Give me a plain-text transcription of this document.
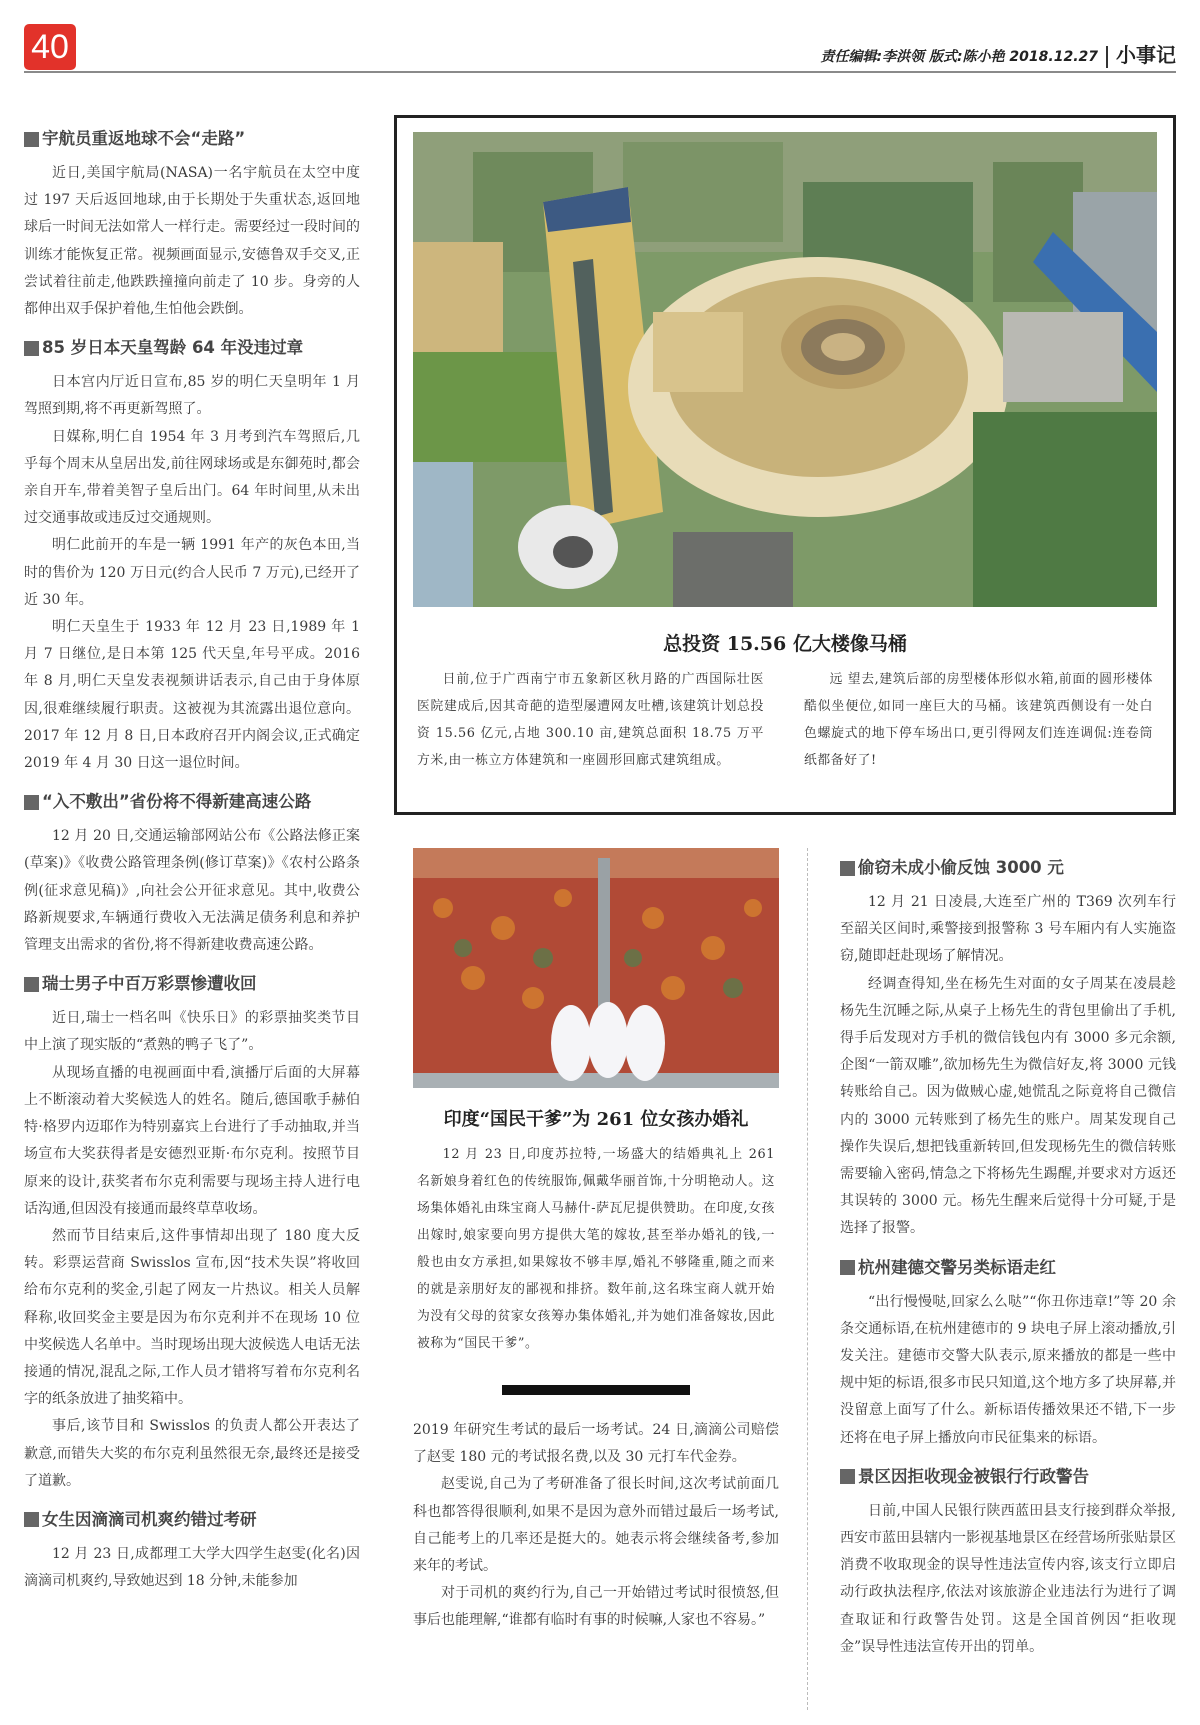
40	责任编辑:李洪领 版式:陈小艳 2018.12.27 小事记
宇航员重返地球不会“走路”

近日,美国宇航局(NASA)一名宇航员在太空中度过 197 天后返回地球,由于长期处于失重状态,返回地球后一时间无法如常人一样行走。需要经过一段时间的训练才能恢复正常。视频画面显示,安德鲁双手交叉,正尝试着往前走,他跌跌撞撞向前走了 10 步。身旁的人都伸出双手保护着他,生怕他会跌倒。

85 岁日本天皇驾龄 64 年没违过章

日本宫内厅近日宣布,85 岁的明仁天皇明年 1 月驾照到期,将不再更新驾照了。

日媒称,明仁自 1954 年 3 月考到汽车驾照后,几乎每个周末从皇居出发,前往网球场或是东御苑时,都会亲自开车,带着美智子皇后出门。64 年时间里,从未出过交通事故或违反过交通规则。

明仁此前开的车是一辆 1991 年产的灰色本田,当时的售价为 120 万日元(约合人民币 7 万元),已经开了近 30 年。

明仁天皇生于 1933 年 12 月 23 日,1989 年 1 月 7 日继位,是日本第 125 代天皇,年号平成。2016 年 8 月,明仁天皇发表视频讲话表示,自己由于身体原因,很难继续履行职责。这被视为其流露出退位意向。2017 年 12 月 8 日,日本政府召开内阁会议,正式确定 2019 年 4 月 30 日这一退位时间。

“入不敷出”省份将不得新建高速公路

12 月 20 日,交通运输部网站公布《公路法修正案(草案)》《收费公路管理条例(修订草案)》《农村公路条例(征求意见稿)》,向社会公开征求意见。其中,收费公路新规要求,车辆通行费收入无法满足债务利息和养护管理支出需求的省份,将不得新建收费高速公路。

瑞士男子中百万彩票惨遭收回

近日,瑞士一档名叫《快乐日》的彩票抽奖类节目中上演了现实版的“煮熟的鸭子飞了”。

从现场直播的电视画面中看,演播厅后面的大屏幕上不断滚动着大奖候选人的姓名。随后,德国歌手赫伯特·格罗内迈耶作为特别嘉宾上台进行了手动抽取,并当场宣布大奖获得者是安德烈亚斯·布尔克利。按照节目原来的设计,获奖者布尔克利需要与现场主持人进行电话沟通,但因没有接通而最终草草收场。

然而节目结束后,这件事情却出现了 180 度大反转。彩票运营商 Swisslos 宣布,因“技术失误”将收回给布尔克利的奖金,引起了网友一片热议。相关人员解释称,收回奖金主要是因为布尔克利并不在现场 10 位中奖候选人名单中。当时现场出现大波候选人电话无法接通的情况,混乱之际,工作人员才错将写着布尔克利名字的纸条放进了抽奖箱中。

事后,该节目和 Swisslos 的负责人都公开表达了歉意,而错失大奖的布尔克利虽然很无奈,最终还是接受了道歉。

女生因滴滴司机爽约错过考研

12 月 23 日,成都理工大学大四学生赵雯(化名)因滴滴司机爽约,导致她迟到 18 分钟,未能参加

总投资 15.56 亿大楼像马桶

日前,位于广西南宁市五象新区秋月路的广西国际壮医医院建成后,因其奇葩的造型屡遭网友吐槽,该建筑计划总投资 15.56 亿元,占地 300.10 亩,建筑总面积 18.75 万平方米,由一栋立方体建筑和一座圆形回廊式建筑组成。

远 望去,建筑后部的房型楼体形似水箱,前面的圆形楼体酷似坐便位,如同一座巨大的马桶。该建筑西侧设有一处白色螺旋式的地下停车场出口,更引得网友们连连调侃:连卷筒纸都备好了!

印度“国民干爹”为 261 位女孩办婚礼

12 月 23 日,印度苏拉特,一场盛大的结婚典礼上 261 名新娘身着红色的传统服饰,佩戴华丽首饰,十分明艳动人。这场集体婚礼由珠宝商人马赫什-萨瓦尼提供赞助。在印度,女孩出嫁时,娘家要向男方提供大笔的嫁妆,甚至举办婚礼的钱,一般也由女方承担,如果嫁妆不够丰厚,婚礼不够隆重,随之而来的就是亲朋好友的鄙视和排挤。数年前,这名珠宝商人就开始为没有父母的贫家女孩筹办集体婚礼,并为她们准备嫁妆,因此被称为“国民干爹”。

2019 年研究生考试的最后一场考试。24 日,滴滴公司赔偿了赵雯 180 元的考试报名费,以及 30 元打车代金券。

赵雯说,自己为了考研准备了很长时间,这次考试前面几科也都答得很顺利,如果不是因为意外而错过最后一场考试,自己能考上的几率还是挺大的。她表示将会继续备考,参加来年的考试。

对于司机的爽约行为,自己一开始错过考试时很愤怒,但事后也能理解,“谁都有临时有事的时候嘛,人家也不容易。”

偷窃未成小偷反蚀 3000 元

12 月 21 日凌晨,大连至广州的 T369 次列车行至韶关区间时,乘警接到报警称 3 号车厢内有人实施盗窃,随即赶赴现场了解情况。

经调查得知,坐在杨先生对面的女子周某在凌晨趁杨先生沉睡之际,从桌子上杨先生的背包里偷出了手机,得手后发现对方手机的微信钱包内有 3000 多元余额,企图“一箭双雕”,欲加杨先生为微信好友,将 3000 元钱转账给自己。因为做贼心虚,她慌乱之际竟将自己微信内的 3000 元转账到了杨先生的账户。周某发现自己操作失误后,想把钱重新转回,但发现杨先生的微信转账需要输入密码,情急之下将杨先生踢醒,并要求对方返还其误转的 3000 元。杨先生醒来后觉得十分可疑,于是选择了报警。

杭州建德交警另类标语走红

“出行慢慢哒,回家么么哒”“你丑你违章!”等 20 余条交通标语,在杭州建德市的 9 块电子屏上滚动播放,引发关注。建德市交警大队表示,原来播放的都是一些中规中矩的标语,很多市民只知道,这个地方多了块屏幕,并没留意上面写了什么。新标语传播效果还不错,下一步还将在电子屏上播放向市民征集来的标语。

景区因拒收现金被银行行政警告

日前,中国人民银行陕西蓝田县支行接到群众举报,西安市蓝田县辖内一影视基地景区在经营场所张贴景区消费不收取现金的误导性违法宣传内容,该支行立即启动行政执法程序,依法对该旅游企业违法行为进行了调查取证和行政警告处罚。这是全国首例因“拒收现金”误导性违法宣传开出的罚单。
